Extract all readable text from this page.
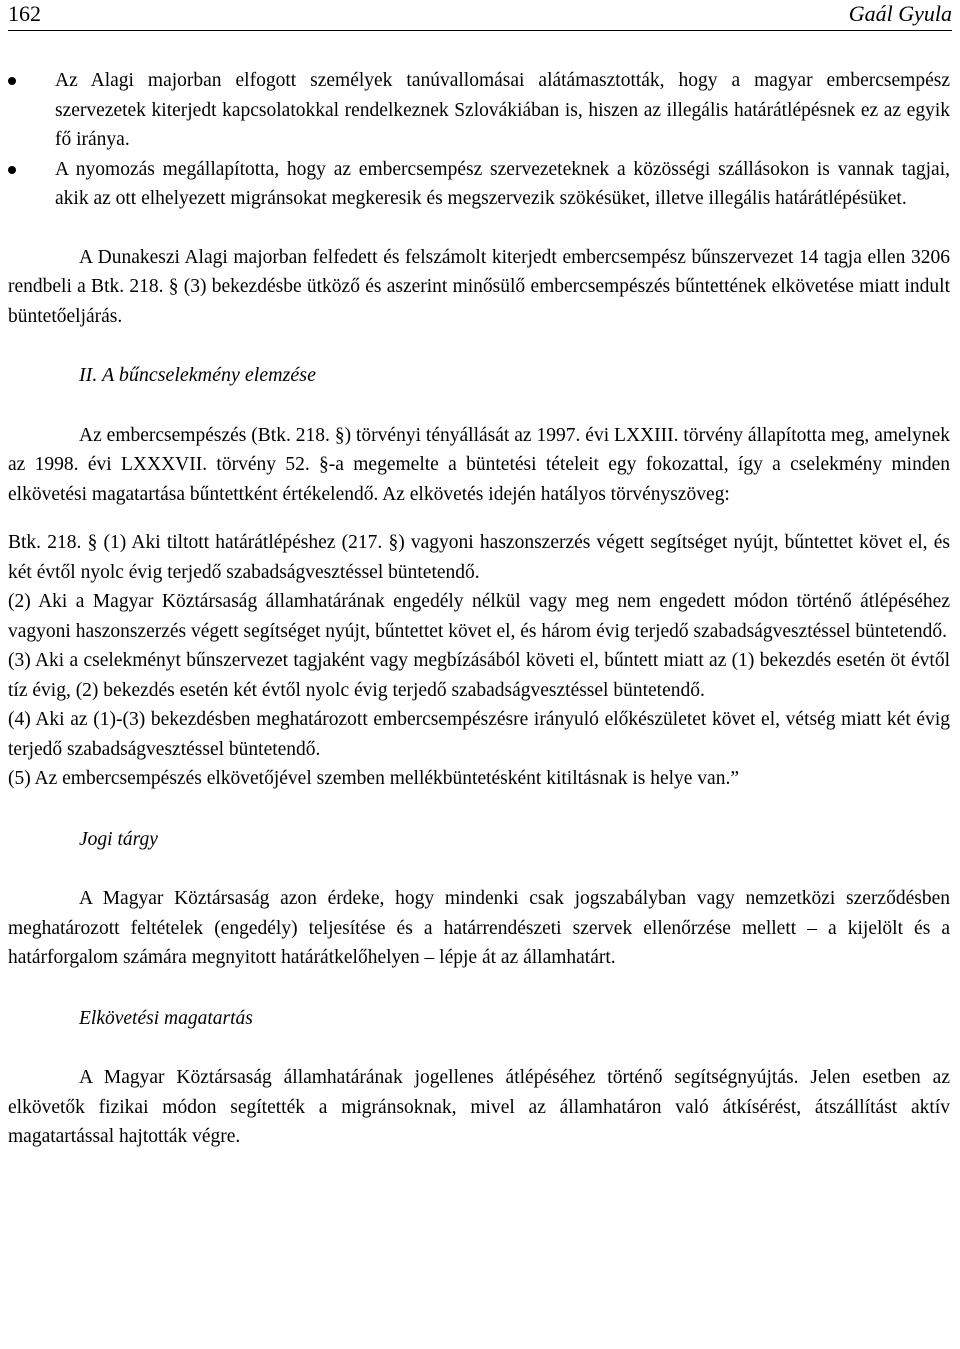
162	Gaál Gyula
Az Alagi majorban elfogott személyek tanúvallomásai alátámasztották, hogy a magyar embercsempész szervezetek kiterjedt kapcsolatokkal rendelkeznek Szlovákiában is, hiszen az illegális határátlépésnek ez az egyik fő iránya.
A nyomozás megállapította, hogy az embercsempész szervezeteknek a közösségi szállásokon is vannak tagjai, akik az ott elhelyezett migránsokat megkeresik és megszervezik szökésüket, illetve illegális határátlépésüket.

A Dunakeszi Alagi majorban felfedett és felszámolt kiterjedt embercsempész bűnszervezet 14 tagja ellen 3206 rendbeli a Btk. 218. § (3) bekezdésbe ütköző és aszerint minősülő embercsempészés bűntettének elkövetése miatt indult büntetőeljárás.

II. A bűncselekmény elemzése

Az embercsempészés (Btk. 218. §) törvényi tényállását az 1997. évi LXXIII. törvény állapította meg, amelynek az 1998. évi LXXXVII. törvény 52. §-a megemelte a büntetési tételeit egy fokozattal, így a cselekmény minden elkövetési magatartása bűntettként értékelendő. Az elkövetés idején hatályos törvényszöveg:

Btk. 218. § (1) Aki tiltott határátlépéshez (217. §) vagyoni haszonszerzés végett segítséget nyújt, bűntettet követ el, és két évtől nyolc évig terjedő szabadságvesztéssel büntetendő.

(2) Aki a Magyar Köztársaság államhatárának engedély nélkül vagy meg nem engedett módon történő átlépéséhez vagyoni haszonszerzés végett segítséget nyújt, bűntettet követ el, és három évig terjedő szabadságvesztéssel büntetendő.

(3) Aki a cselekményt bűnszervezet tagjaként vagy megbízásából követi el, bűntett miatt az (1) bekezdés esetén öt évtől tíz évig, (2) bekezdés esetén két évtől nyolc évig terjedő szabadságvesztéssel büntetendő.

(4) Aki az (1)-(3) bekezdésben meghatározott embercsempészésre irányuló előkészületet követ el, vétség miatt két évig terjedő szabadságvesztéssel büntetendő.

(5) Az embercsempészés elkövetőjével szemben mellékbüntetésként kitiltásnak is helye van.”

Jogi tárgy

A Magyar Köztársaság azon érdeke, hogy mindenki csak jogszabályban vagy nemzetközi szerződésben meghatározott feltételek (engedély) teljesítése és a határrendészeti szervek ellenőrzése mellett – a kijelölt és a határforgalom számára megnyitott határátkelőhelyen – lépje át az államhatárt.

Elkövetési magatartás

A Magyar Köztársaság államhatárának jogellenes átlépéséhez történő segítségnyújtás. Jelen esetben az elkövetők fizikai módon segítették a migránsoknak, mivel az államhatáron való átkísérést, átszállítást aktív magatartással hajtották végre.
